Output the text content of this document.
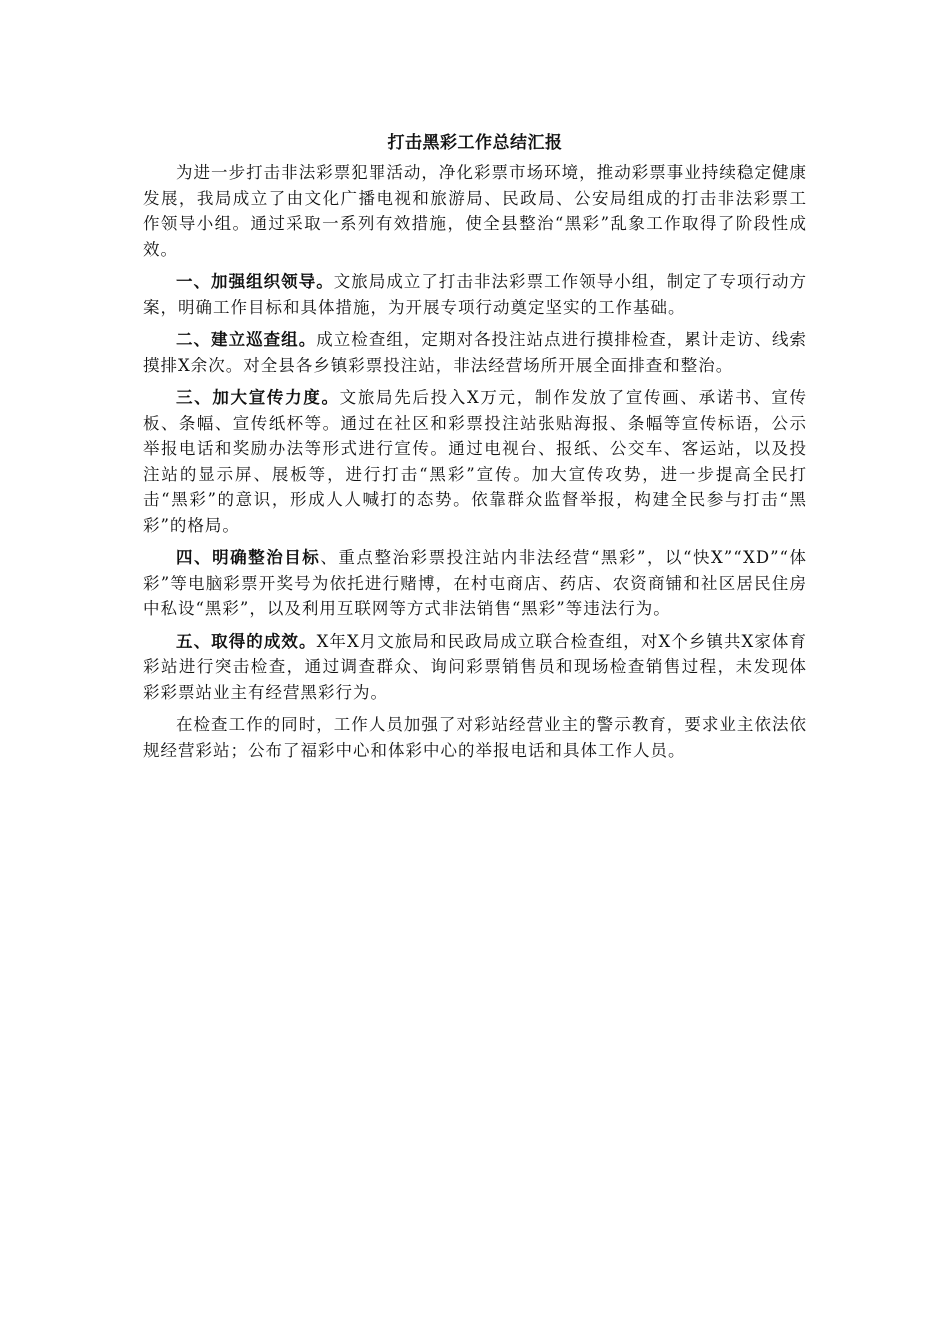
打击黑彩工作总结汇报

为进一步打击非法彩票犯罪活动，净化彩票市场环境，推动彩票事业持续稳定健康发展，我局成立了由文化广播电视和旅游局、民政局、公安局组成的打击非法彩票工作领导小组。通过采取一系列有效措施，使全县整治“黑彩”乱象工作取得了阶段性成效。

一、加强组织领导。文旅局成立了打击非法彩票工作领导小组，制定了专项行动方案，明确工作目标和具体措施，为开展专项行动奠定坚实的工作基础。

二、建立巡查组。成立检查组，定期对各投注站点进行摸排检查，累计走访、线索摸排X余次。对全县各乡镇彩票投注站，非法经营场所开展全面排查和整治。

三、加大宣传力度。文旅局先后投入X万元，制作发放了宣传画、承诺书、宣传板、条幅、宣传纸杯等。通过在社区和彩票投注站张贴海报、条幅等宣传标语，公示举报电话和奖励办法等形式进行宣传。通过电视台、报纸、公交车、客运站，以及投注站的显示屏、展板等，进行打击“黑彩”宣传。加大宣传攻势，进一步提高全民打击“黑彩”的意识，形成人人喊打的态势。依靠群众监督举报，构建全民参与打击“黑彩”的格局。

四、明确整治目标、重点整治彩票投注站内非法经营“黑彩”，以“快X”“XD”“体彩”等电脑彩票开奖号为依托进行赌博，在村屯商店、药店、农资商铺和社区居民住房中私设“黑彩”，以及利用互联网等方式非法销售“黑彩”等违法行为。

五、取得的成效。X年X月文旅局和民政局成立联合检查组，对X个乡镇共X家体育彩站进行突击检查，通过调查群众、询问彩票销售员和现场检查销售过程，未发现体彩彩票站业主有经营黑彩行为。

在检查工作的同时，工作人员加强了对彩站经营业主的警示教育，要求业主依法依规经营彩站；公布了福彩中心和体彩中心的举报电话和具体工作人员。
